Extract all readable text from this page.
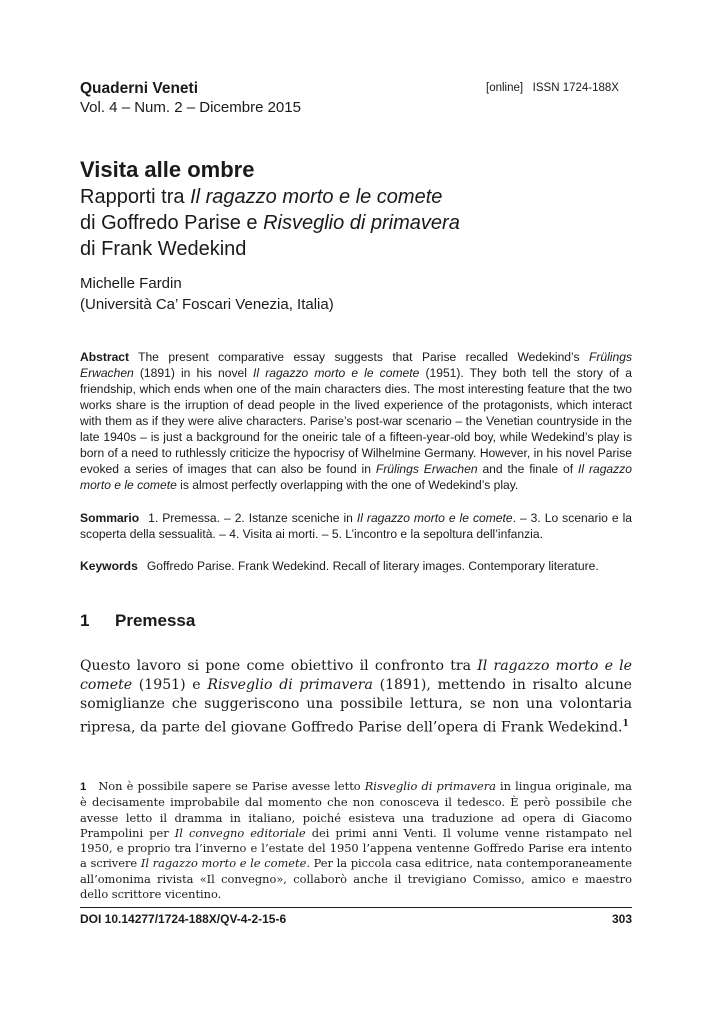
Quaderni Veneti
Vol. 4 – Num. 2 – Dicembre 2015
[online]   ISSN 1724-188X
Visita alle ombre
Rapporti tra Il ragazzo morto e le comete
di Goffredo Parise e Risveglio di primavera
di Frank Wedekind
Michelle Fardin
(Università Ca’ Foscari Venezia, Italia)
Abstract The present comparative essay suggests that Parise recalled Wedekind’s Frülings Erwachen (1891) in his novel Il ragazzo morto e le comete (1951). They both tell the story of a friendship, which ends when one of the main characters dies. The most interesting feature that the two works share is the irruption of dead people in the lived experience of the protagonists, which interact with them as if they were alive characters. Parise’s post-war scenario – the Venetian countryside in the late 1940s – is just a background for the oneiric tale of a fifteen-year-old boy, while Wedekind’s play is born of a need to ruthlessly criticize the hypocrisy of Wilhelmine Germany. However, in his novel Parise evoked a series of images that can also be found in Frülings Erwachen and the finale of Il ragazzo morto e le comete is almost perfectly overlapping with the one of Wedekind’s play.
Sommario 1. Premessa. – 2. Istanze sceniche in Il ragazzo morto e le comete. – 3. Lo scenario e la scoperta della sessualità. – 4. Visita ai morti. – 5. L’incontro e la sepoltura dell’infanzia.
Keywords Goffredo Parise. Frank Wedekind. Recall of literary images. Contemporary literature.
1 Premessa
Questo lavoro si pone come obiettivo il confronto tra Il ragazzo morto e le comete (1951) e Risveglio di primavera (1891), mettendo in risalto alcune somiglianze che suggeriscono una possibile lettura, se non una volontaria ripresa, da parte del giovane Goffredo Parise dell’opera di Frank Wedekind.$^1$
1 Non è possibile sapere se Parise avesse letto Risveglio di primavera in lingua originale, ma è decisamente improbabile dal momento che non conosceva il tedesco. È però possibile che avesse letto il dramma in italiano, poiché esisteva una traduzione ad opera di Giacomo Prampolini per Il convegno editoriale dei primi anni Venti. Il volume venne ristampato nel 1950, e proprio tra l’inverno e l’estate del 1950 l’appena ventenne Goffredo Parise era intento a scrivere Il ragazzo morto e le comete. Per la piccola casa editrice, nata contemporaneamente all’omonima rivista «Il convegno», collaborò anche il trevigiano Comisso, amico e maestro dello scrittore vicentino.
DOI 10.14277/1724-188X/QV-4-2-15-6	303
